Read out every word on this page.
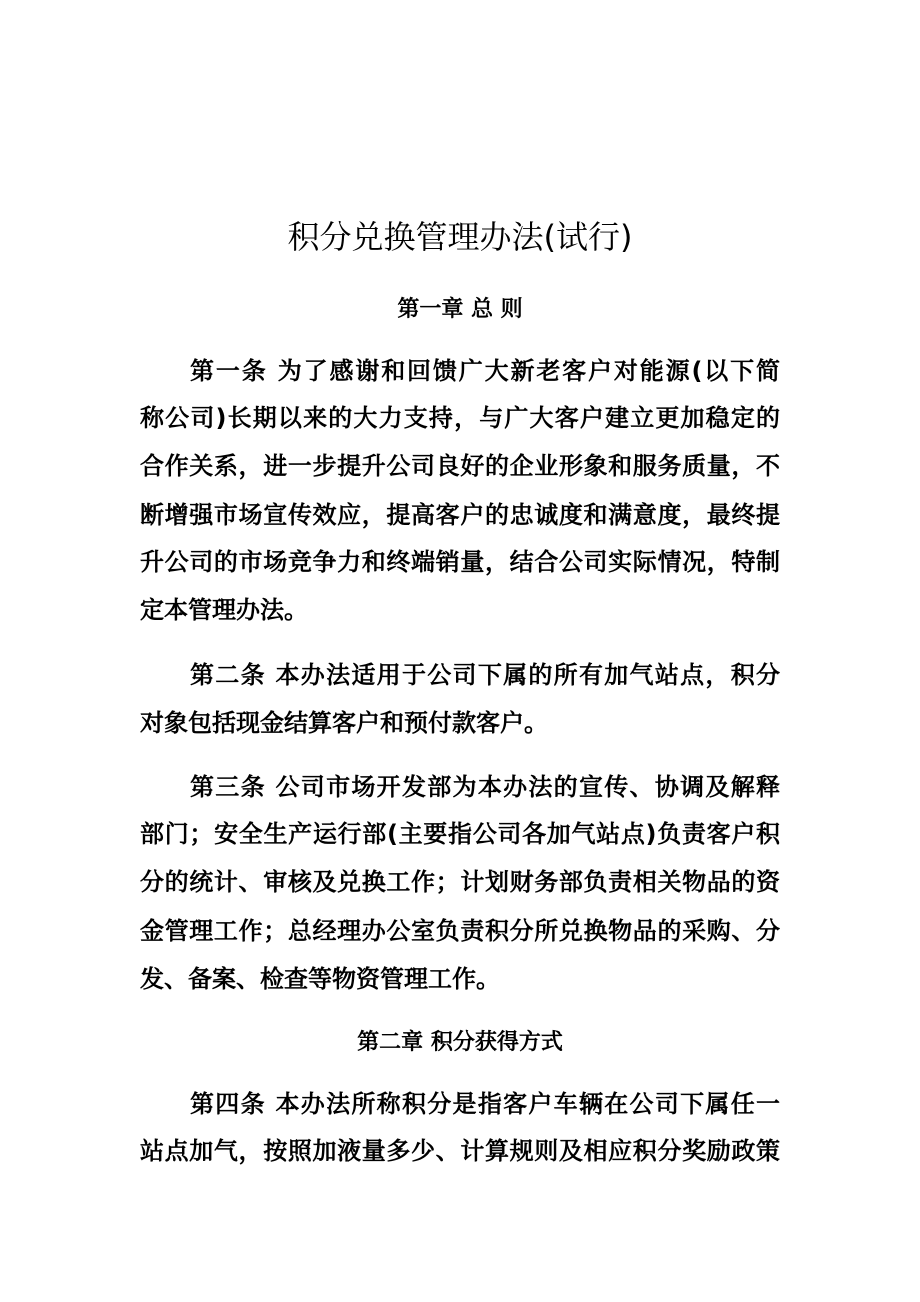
积分兑换管理办法(试行)
第一章 总 则
第一条 为了感谢和回馈广大新老客户对能源(以下简
称公司)长期以来的大力支持，与广大客户建立更加稳定的
合作关系，进一步提升公司良好的企业形象和服务质量，不
断增强市场宣传效应，提高客户的忠诚度和满意度，最终提
升公司的市场竞争力和终端销量，结合公司实际情况，特制
定本管理办法。
第二条 本办法适用于公司下属的所有加气站点，积分
对象包括现金结算客户和预付款客户。
第三条 公司市场开发部为本办法的宣传、协调及解释
部门；安全生产运行部(主要指公司各加气站点)负责客户积
分的统计、审核及兑换工作；计划财务部负责相关物品的资
金管理工作；总经理办公室负责积分所兑换物品的采购、分
发、备案、检查等物资管理工作。
第二章 积分获得方式
第四条 本办法所称积分是指客户车辆在公司下属任一
站点加气，按照加液量多少、计算规则及相应积分奖励政策
